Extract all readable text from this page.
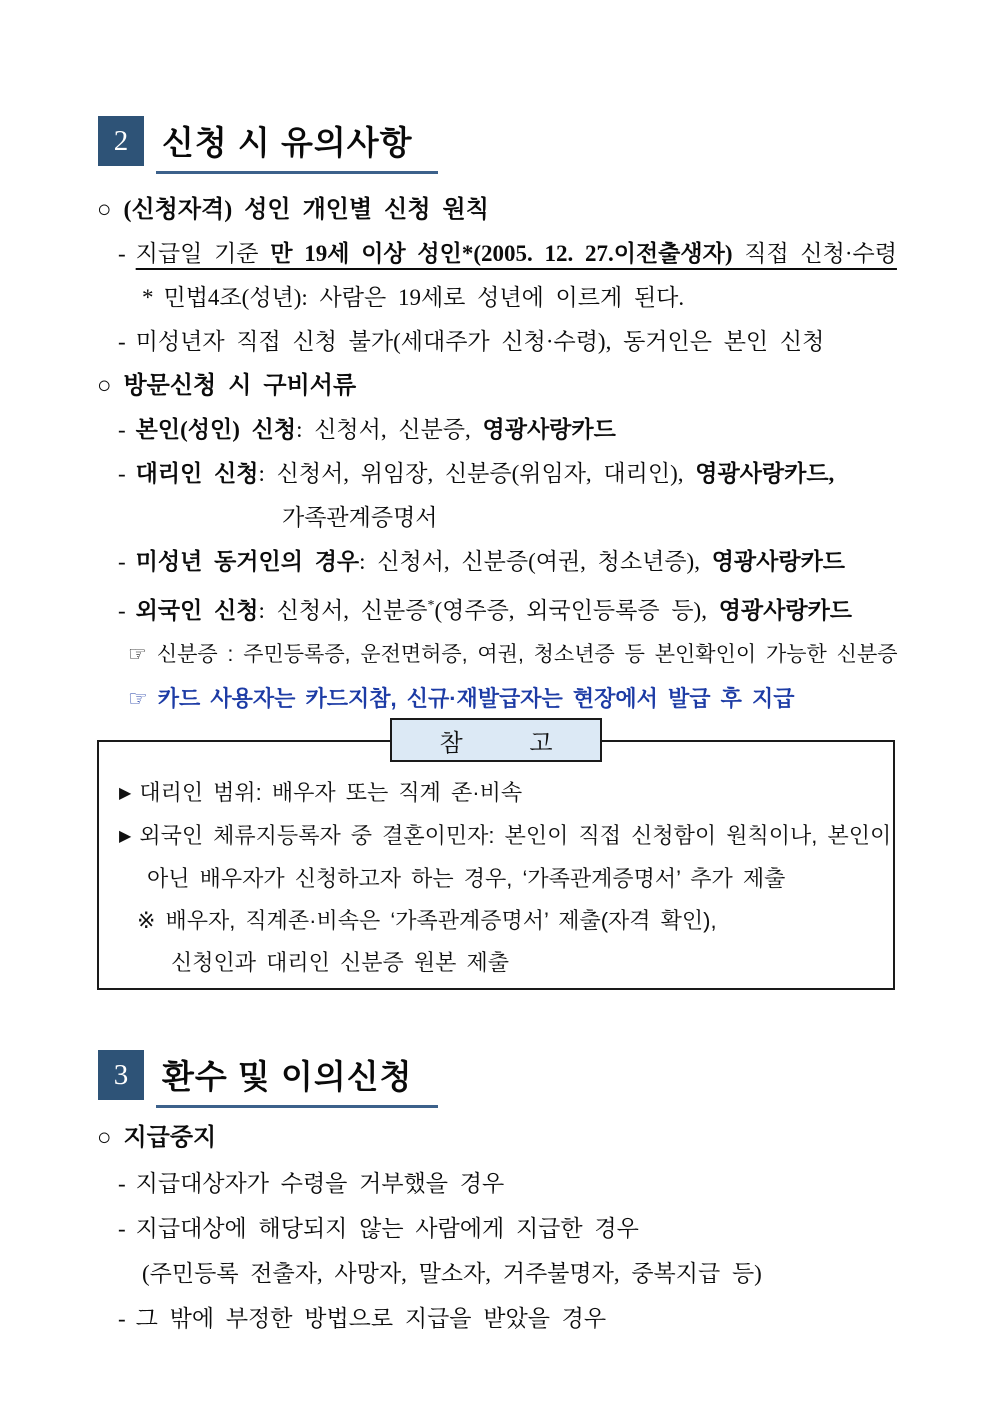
2 신청 시 유의사항

○ (신청자격) 성인 개인별 신청 원칙

- 지급일 기준 만 19세 이상 성인*(2005. 12. 27.이전출생자) 직접 신청·수령

* 민법4조(성년): 사람은 19세로 성년에 이르게 된다.

- 미성년자 직접 신청 불가(세대주가 신청·수령), 동거인은 본인 신청

○ 방문신청 시 구비서류

- 본인(성인) 신청: 신청서, 신분증, 영광사랑카드

- 대리인 신청: 신청서, 위임장, 신분증(위임자, 대리인), 영광사랑카드,

가족관계증명서

- 미성년 동거인의 경우: 신청서, 신분증(여권, 청소년증), 영광사랑카드

- 외국인 신청: 신청서, 신분증*(영주증, 외국인등록증 등), 영광사랑카드

☞ 신분증 : 주민등록증, 운전면허증, 여권, 청소년증 등 본인확인이 가능한 신분증

☞ 카드 사용자는 카드지참, 신규·재발급자는 현장에서 발급 후 지급

참          고

▶ 대리인 범위: 배우자 또는 직계 존·비속

▶ 외국인 체류지등록자 중 결혼이민자: 본인이 직접 신청함이 원칙이나, 본인이

아닌 배우자가 신청하고자 하는 경우, ‘가족관계증명서’ 추가 제출

※ 배우자, 직계존·비속은 ‘가족관계증명서’ 제출(자격 확인),

신청인과 대리인 신분증 원본 제출

3 환수 및 이의신청

○ 지급중지

- 지급대상자가 수령을 거부했을 경우

- 지급대상에 해당되지 않는 사람에게 지급한 경우

(주민등록 전출자, 사망자, 말소자, 거주불명자, 중복지급 등)

- 그 밖에 부정한 방법으로 지급을 받았을 경우
